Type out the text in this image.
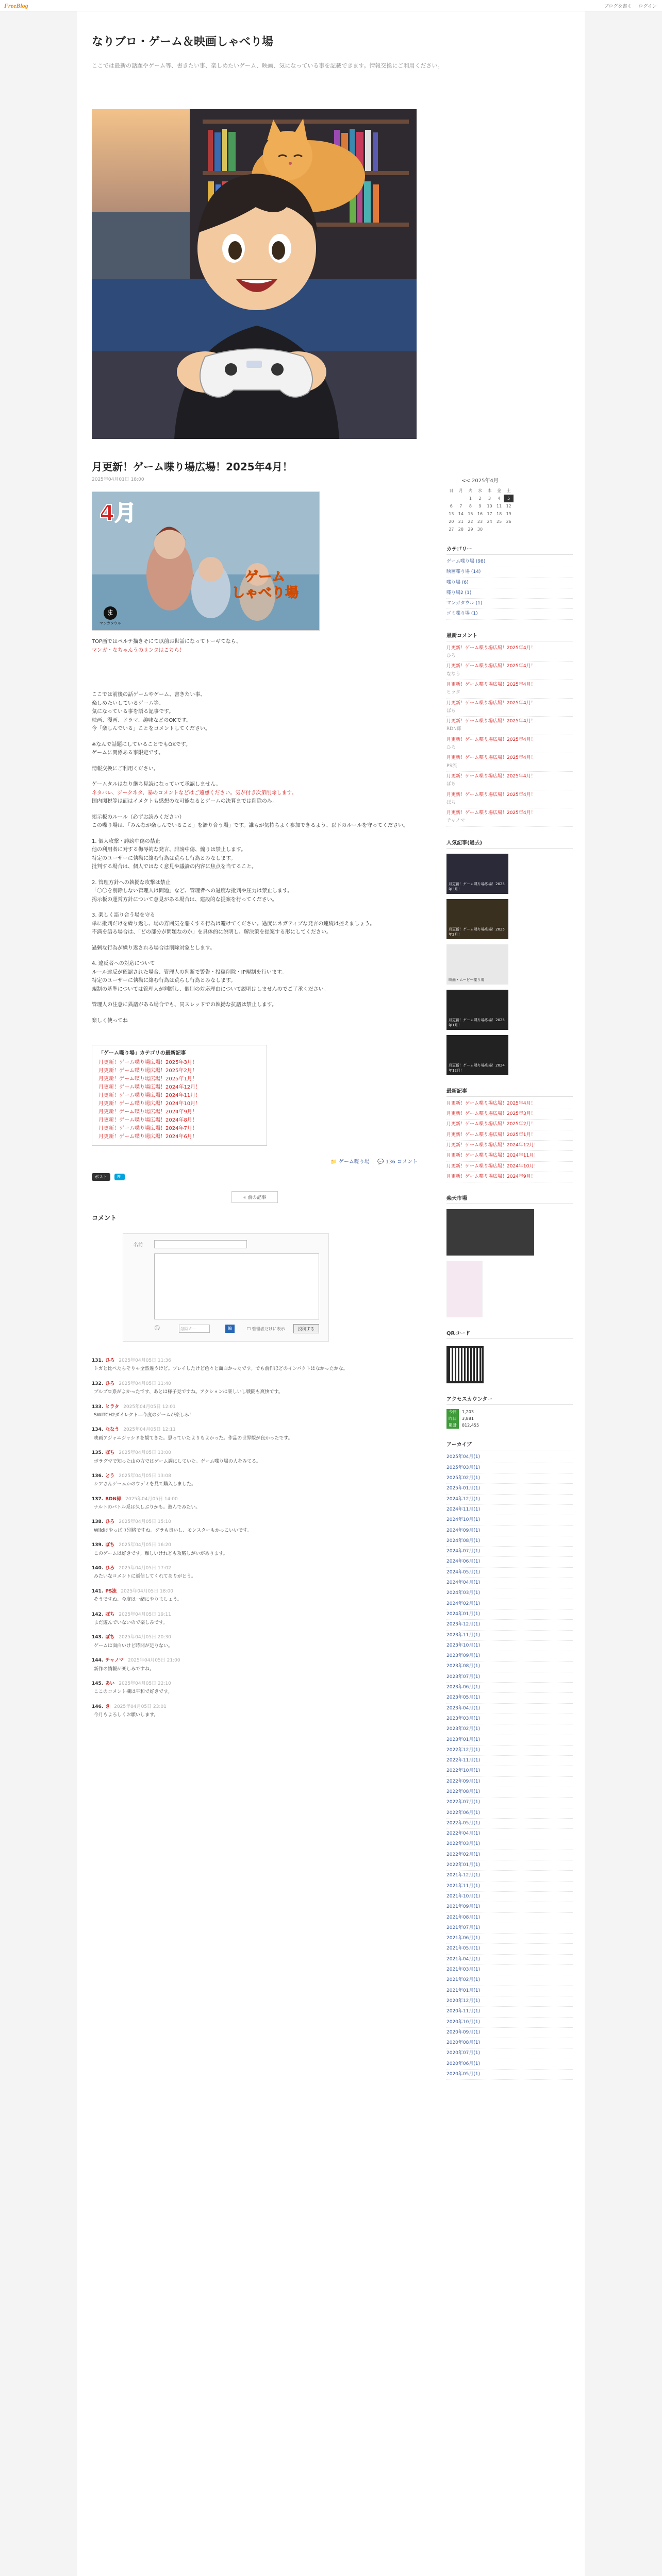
FreeBlog	ブログを書く ログイン
なりブロ・ゲーム＆映画しゃべり場
ここでは最新の話題やゲーム等、書きたい事、楽しめたいゲーム、映画、気になっている事を記載できます。情報交換にご利用ください。
月更新！ゲーム喋り場広場！2025年4月！
2025年04月01日 18:00
4月
ゲーム
しゃべり場
ま
マンガタウル
TOP画ではペルテ描きそにて以前お世話になってトーギてなら、
マンガ・なちゃんうのリンクはこちら！
ここでは前後の話ゲームやゲーム、書きたい事、
楽しめたいしているゲーム等、
気になっている事を語る記事です。
映画、漫画、ドラマ、趣味などのOKです。
今「楽しんでいる」ことをコメントしてください。
※なんで話題にしていることでもOKです。
ゲームに関係ある事限定です。
情報交換にご利用ください。
ゲームタルはなり継ち見読になっていて承認しません。
ネタバレ、ジークネタ、暴のコメントなどはご遠慮ください。気が付き次第削除します。
国内関税等は面はイメクトも感想のな可能なるとゲームの決算までは削除のみ。
掲示板のルール（必ずお読みください）
この喋り場は、「みんなが楽しんでいること」を語り合う場」です。誰もが気持ちよく参加できるよう、以下のルールを守ってください。
1. 個人攻撃・誹謗中傷の禁止
他の利用者に対する侮辱的な発言、誹謗中傷、煽りは禁止します。
特定のユーザーに執拗に絡む行為は荒らし行為とみなします。
批判する場合は、個人ではなく意見や議論の内容に焦点を当てること。
2. 管理方針への執拗な攻撃は禁止
「〇〇を削除しない管理人は問題」など、管理者への過度な批判や圧力は禁止します。
掲示板の運営方針について意見がある場合は、建設的な提案を行ってください。
3. 楽しく語り合う場を守る
単に批判だけを繰り返し、場の雰囲気を悪くする行為は避けてください。過度にネガティブな発言の連続は控えましょう。
不満を語る場合は、「どの部分が問題なのか」を具体的に説明し、解決策を提案する形にしてください。
過剰な行為が繰り返される場合は削除対象とします。
4. 違反者への対応について
ルール違反が確認された場合、管理人の判断で警告・投稿削除・IP規制を行います。
特定のユーザーに執拗に絡む行為は荒らし行為とみなします。
規制の基準については管理人が判断し、個別の対応理由について説明はしませんのでご了承ください。
管理人の注意に異議がある場合でも、同スレッドでの執拗な抗議は禁止します。
楽しく使ってね
「ゲーム喋り場」カテゴリの最新記事
月更新！ゲーム喋り場広場！2025年3月！
月更新！ゲーム喋り場広場！2025年2月！
月更新！ゲーム喋り場広場！2025年1月！
月更新！ゲーム喋り場広場！2024年12月！
月更新！ゲーム喋り場広場！2024年11月！
月更新！ゲーム喋り場広場！2024年10月！
月更新！ゲーム喋り場広場！2024年9月！
月更新！ゲーム喋り場広場！2024年8月！
月更新！ゲーム喋り場広場！2024年7月！
月更新！ゲーム喋り場広場！2024年6月！
📁 ゲーム喋り場 💬 136 コメント
ポスト B!
« 前の記事
コメント
名前
☺	削除キー	編	☐ 管理者だけに表示	投稿する
131. ひろ 2025年04月05日 11:36
トガと比べたらそりゃ全然違うけど。プレイしたけど色々と面白かったです。でも前作ほどのインパクトはなかったかな。
132. ひろ 2025年04月05日 11:40
ブルプロ系がよかったです、あとは様子見ですね。アクションは楽しいし戦闘も爽快です。
133. ヒラタ 2025年04月05日 12:01
SWITCH2ダイレクト―今度のゲームが楽しみ！
134. ななう 2025年04月05日 12:11
映画アジャニジャシドを観てきた。思っていたよりもよかった。作品の世界観が良かったです。
135. ぼち 2025年04月05日 13:00
ボラグマで知った山の方ではゲーム調にしていた。ゲーム喋り場の人をみてる。
136. とう 2025年04月05日 13:08
シアさんゲームかのウデミを見て購入しました。
137. RDN郎 2025年04月05日 14:00
ナルトのバトル系は久しぶりかも。遊んでみたい。
138. ひろ 2025年04月05日 15:10
Wildはやっぱり別格ですね。グラも良いし、モンスターもかっこいいです。
139. ぼち 2025年04月05日 16:20
このゲームは好きです。難しいけれども攻略しがいがあります。
140. ひろ 2025年04月05日 17:02
みたいなコメントに返信してくれてありがとう。
141. PS流 2025年04月05日 18:00
そうですね、今度は一緒にやりましょう。
142. ぼち 2025年04月05日 19:11
まだ遊んでいないので楽しみです。
143. ぽち 2025年04月05日 20:30
ゲームは面白いけど時間が足りない。
144. チャノマ 2025年04月05日 21:00
新作の情報が楽しみですね。
145. あい 2025年04月05日 22:10
ここのコメント欄は平和で好きです。
146. き 2025年04月05日 23:01
今月もよろしくお願いします。
<< 2025年4月
日	月	火	水	木	金	土
		1	2	3	4	5
6	7	8	9	10	11	12
13	14	15	16	17	18	19
20	21	22	23	24	25	26
27	28	29	30			
カテゴリー
ゲーム喋り場 (98)
映画喋り場 (14)
喋り場 (6)
喋り場2 (1)
マンガタウル (1)
ゴミ喋り場 (1)
最新コメント
月更新！ゲーム喋り場広場！2025年4月！
ひろ
月更新！ゲーム喋り場広場！2025年4月！
ななう
月更新！ゲーム喋り場広場！2025年4月！
ヒラタ
月更新！ゲーム喋り場広場！2025年4月！
ぼち
月更新！ゲーム喋り場広場！2025年4月！
RDN郎
月更新！ゲーム喋り場広場！2025年4月！
ひろ
月更新！ゲーム喋り場広場！2025年4月！
PS流
月更新！ゲーム喋り場広場！2025年4月！
ぼち
月更新！ゲーム喋り場広場！2025年4月！
ぽち
月更新！ゲーム喋り場広場！2025年4月！
チャノマ
人気記事(過去)
月更新！ゲーム喋り場広場！2025年3月！
月更新！ゲーム喋り場広場！2025年2月！
映画・ムービー喋り場
月更新！ゲーム喋り場広場！2025年1月！
月更新！ゲーム喋り場広場！2024年12月！
最新記事
月更新！ゲーム喋り場広場！2025年4月！
月更新！ゲーム喋り場広場！2025年3月！
月更新！ゲーム喋り場広場！2025年2月！
月更新！ゲーム喋り場広場！2025年1月！
月更新！ゲーム喋り場広場！2024年12月！
月更新！ゲーム喋り場広場！2024年11月！
月更新！ゲーム喋り場広場！2024年10月！
月更新！ゲーム喋り場広場！2024年9月！
楽天市場
QRコード
アクセスカウンター
今日 1,203
昨日 3,881
累計 812,455
アーカイブ
2025年04月(1)
2025年03月(1)
2025年02月(1)
2025年01月(1)
2024年12月(1)
2024年11月(1)
2024年10月(1)
2024年09月(1)
2024年08月(1)
2024年07月(1)
2024年06月(1)
2024年05月(1)
2024年04月(1)
2024年03月(1)
2024年02月(1)
2024年01月(1)
2023年12月(1)
2023年11月(1)
2023年10月(1)
2023年09月(1)
2023年08月(1)
2023年07月(1)
2023年06月(1)
2023年05月(1)
2023年04月(1)
2023年03月(1)
2023年02月(1)
2023年01月(1)
2022年12月(1)
2022年11月(1)
2022年10月(1)
2022年09月(1)
2022年08月(1)
2022年07月(1)
2022年06月(1)
2022年05月(1)
2022年04月(1)
2022年03月(1)
2022年02月(1)
2022年01月(1)
2021年12月(1)
2021年11月(1)
2021年10月(1)
2021年09月(1)
2021年08月(1)
2021年07月(1)
2021年06月(1)
2021年05月(1)
2021年04月(1)
2021年03月(1)
2021年02月(1)
2021年01月(1)
2020年12月(1)
2020年11月(1)
2020年10月(1)
2020年09月(1)
2020年08月(1)
2020年07月(1)
2020年06月(1)
2020年05月(1)
